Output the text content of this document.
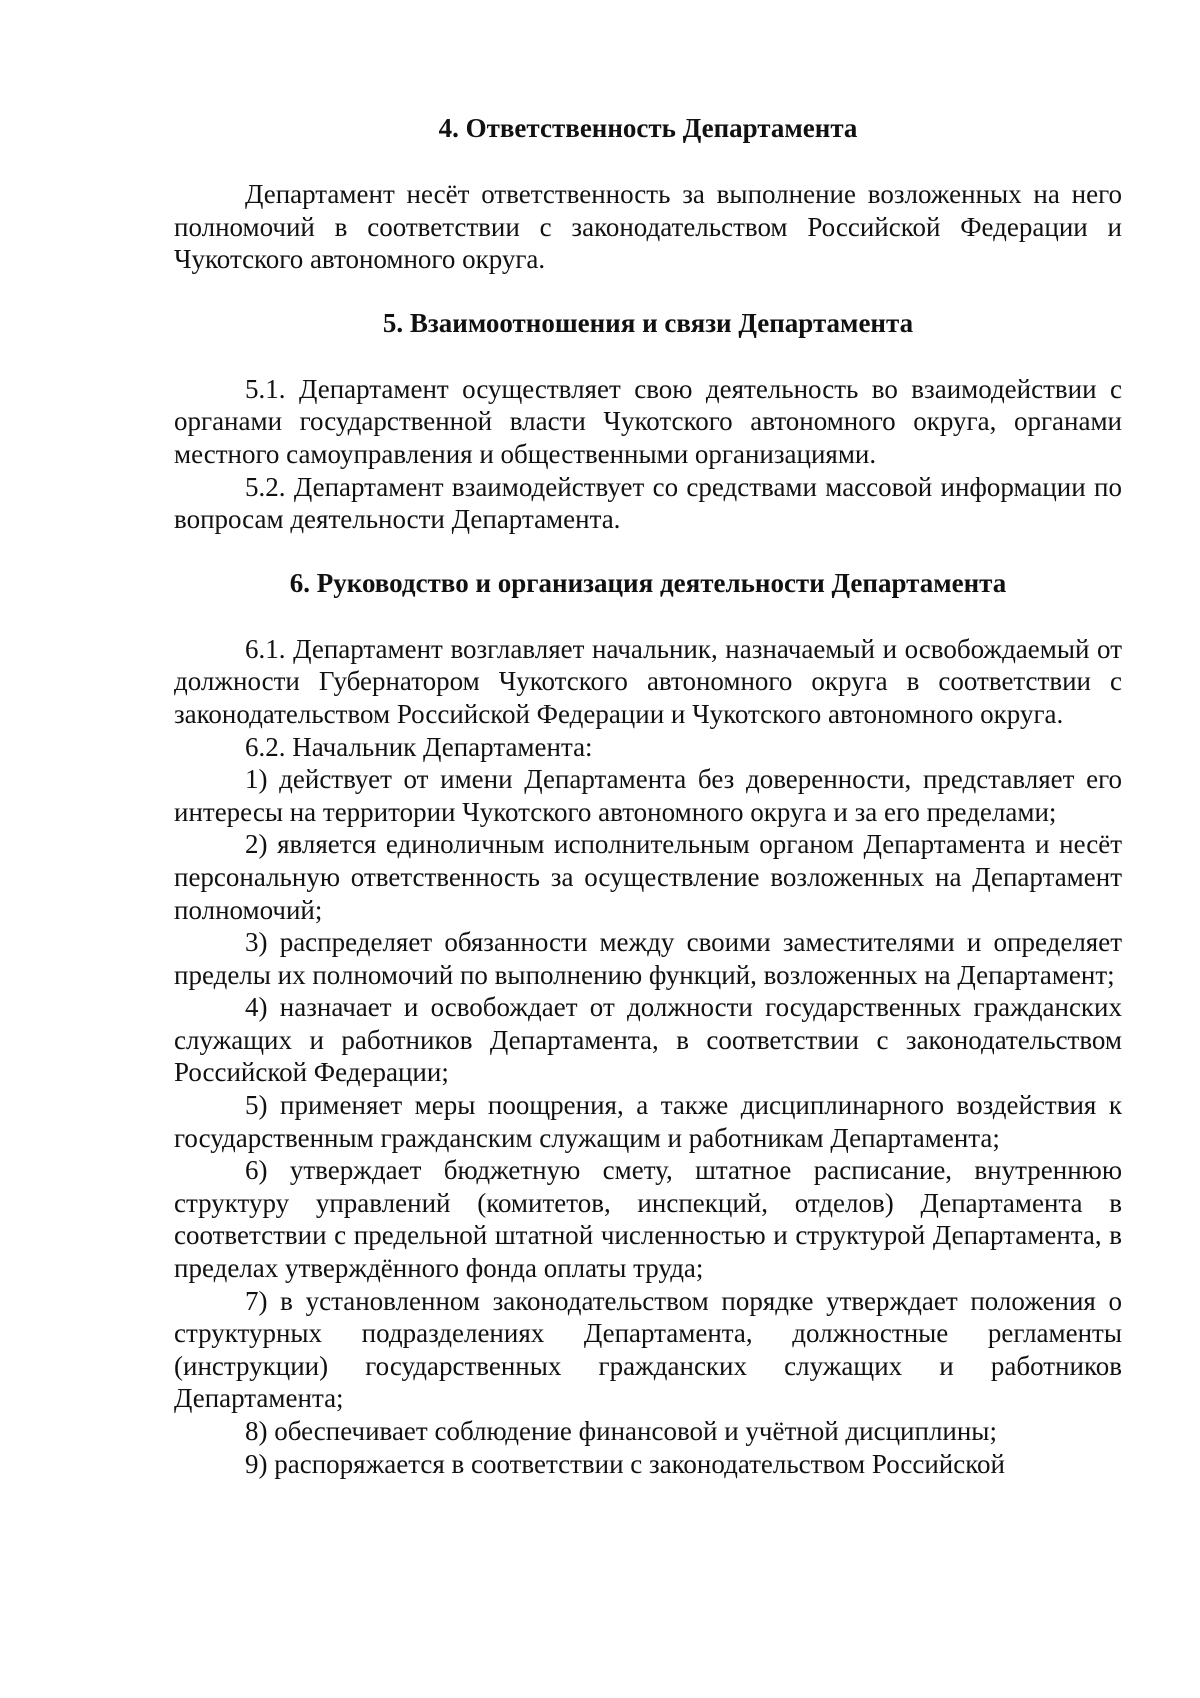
4. Ответственность Департамента

Департамент несёт ответственность за выполнение возложенных на него полномочий в соответствии с законодательством Российской Федерации и Чукотского автономного округа.

5. Взаимоотношения и связи Департамента

5.1. Департамент осуществляет свою деятельность во взаимодействии с органами государственной власти Чукотского автономного округа, органами местного самоуправления и общественными организациями.

5.2. Департамент взаимодействует со средствами массовой информации по вопросам деятельности Департамента.

6. Руководство и организация деятельности Департамента

6.1. Департамент возглавляет начальник, назначаемый и освобождаемый от должности Губернатором Чукотского автономного округа в соответствии с законодательством Российской Федерации и Чукотского автономного округа.

6.2. Начальник Департамента:

1) действует от имени Департамента без доверенности, представляет его интересы на территории Чукотского автономного округа и за его пределами;

2) является единоличным исполнительным органом Департамента и несёт персональную ответственность за осуществление возложенных на Департамент полномочий;

3) распределяет обязанности между своими заместителями и определяет пределы их полномочий по выполнению функций, возложенных на Департамент;

4) назначает и освобождает от должности государственных гражданских служащих и работников Департамента, в соответствии с законодательством Российской Федерации;

5) применяет меры поощрения, а также дисциплинарного воздействия к государственным гражданским служащим и работникам Департамента;

6) утверждает бюджетную смету, штатное расписание, внутреннюю структуру управлений (комитетов, инспекций, отделов) Департамента в соответствии с предельной штатной численностью и структурой Департамента, в пределах утверждённого фонда оплаты труда;

7) в установленном законодательством порядке утверждает положения о структурных подразделениях Департамента, должностные регламенты (инструкции) государственных гражданских служащих и работников Департамента;

8) обеспечивает соблюдение финансовой и учётной дисциплины;

9) распоряжается в соответствии с законодательством Российской
